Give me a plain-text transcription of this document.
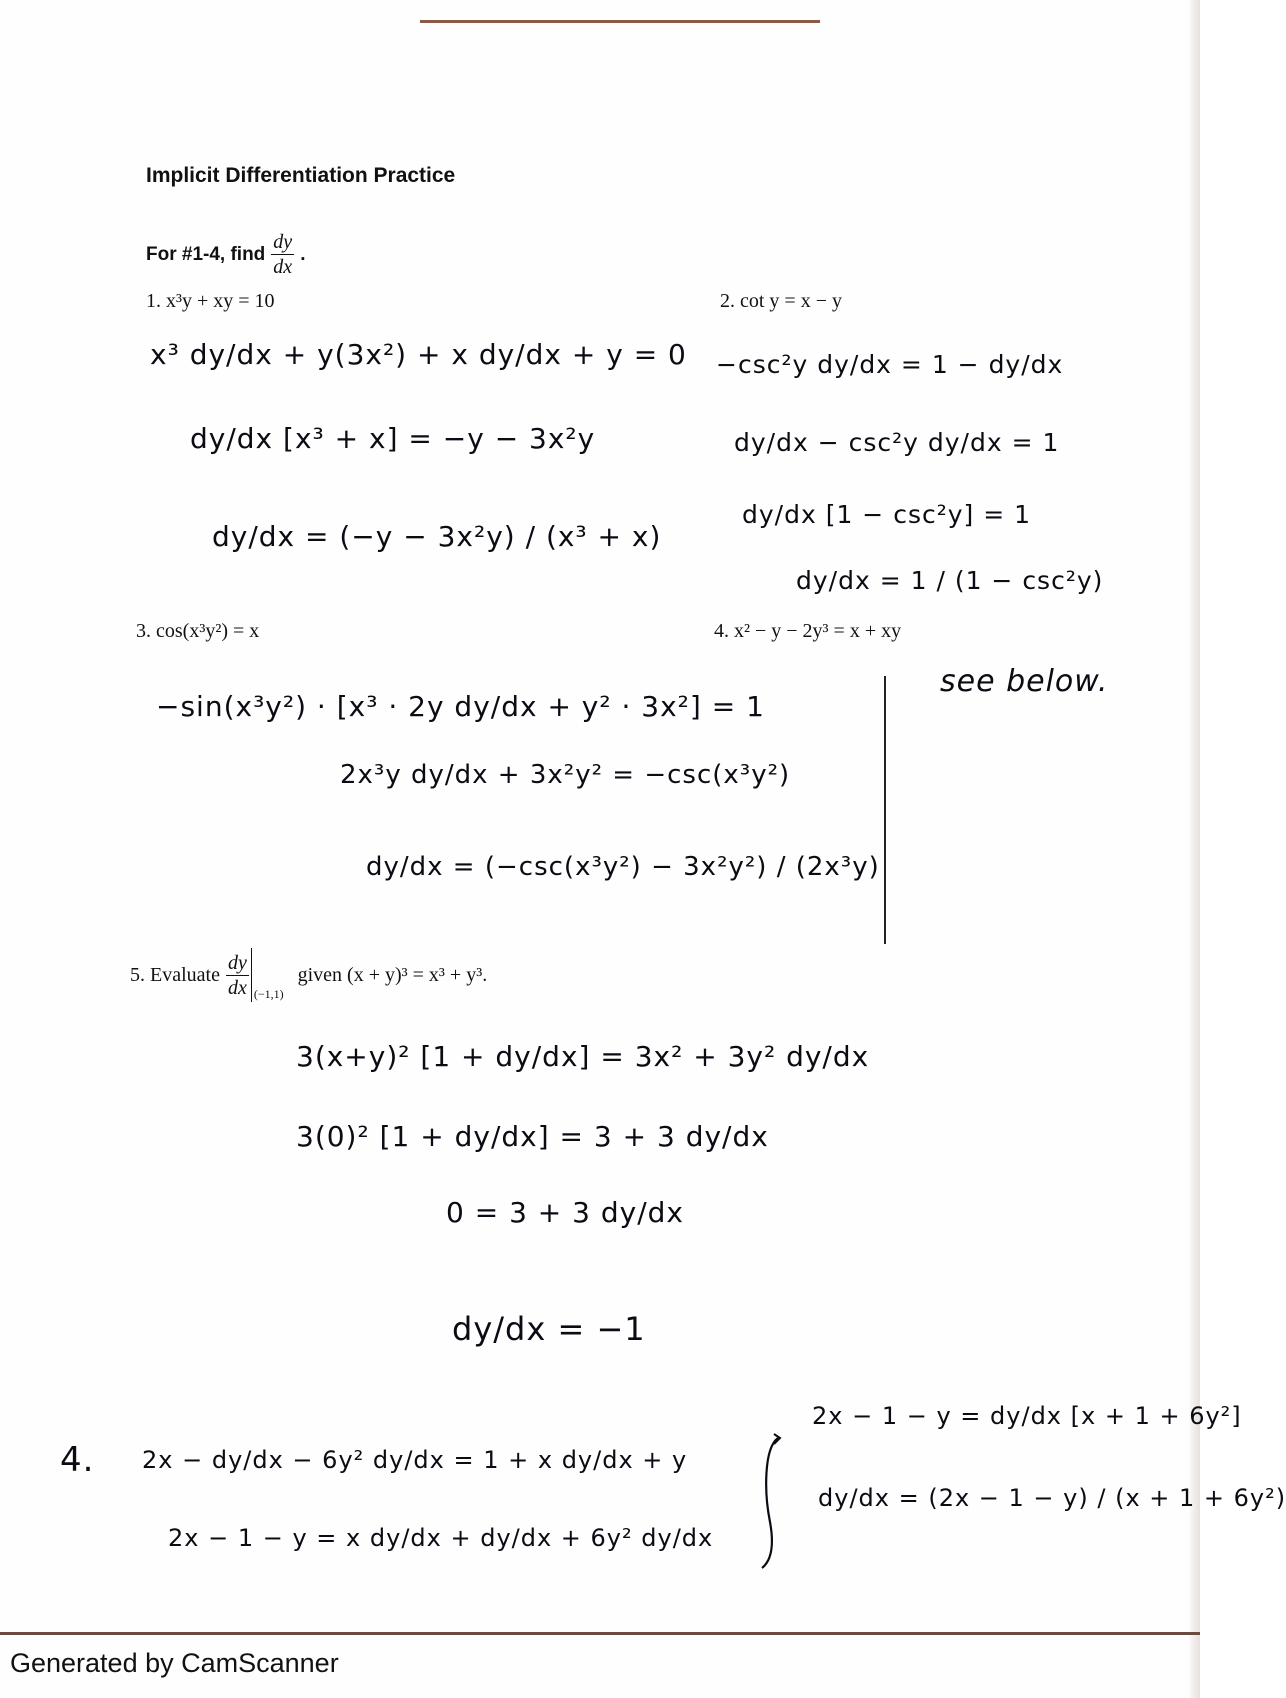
Implicit Differentiation Practice
For #1-4, find $\frac{dy}{dx}$ .
1. x³y + xy = 10	2. cot y = x − y
3. cos(x³y²) = x	4. x² − y − 2y³ = x + xy
5. Evaluate $\frac{dy}{dx} (-1,1)$
given (x + y)³ = x³ + y³.
x³ dy/dx + y(3x²) + x dy/dx + y = 0
dy/dx [x³ + x] = −y − 3x²y
dy/dx = (−y − 3x²y) / (x³ + x)
−csc²y dy/dx = 1 − dy/dx
dy/dx − csc²y dy/dx = 1
dy/dx [1 − csc²y] = 1
dy/dx = 1 / (1 − csc²y)
−sin(x³y²) · [x³ · 2y dy/dx + y² · 3x²] = 1
2x³y dy/dx + 3x²y² = −csc(x³y²)
dy/dx = (−csc(x³y²) − 3x²y²) / (2x³y)
see below.
3(x+y)² [1 + dy/dx] = 3x² + 3y² dy/dx
3(0)² [1 + dy/dx] = 3 + 3 dy/dx
0 = 3 + 3 dy/dx
dy/dx = −1
4. 2x − dy/dx − 6y² dy/dx = 1 + x dy/dx + y
2x − 1 − y = x dy/dx + dy/dx + 6y² dy/dx
2x − 1 − y = dy/dx [x + 1 + 6y²]
dy/dx = (2x − 1 − y) / (x + 1 + 6y²)
Generated by CamScanner
